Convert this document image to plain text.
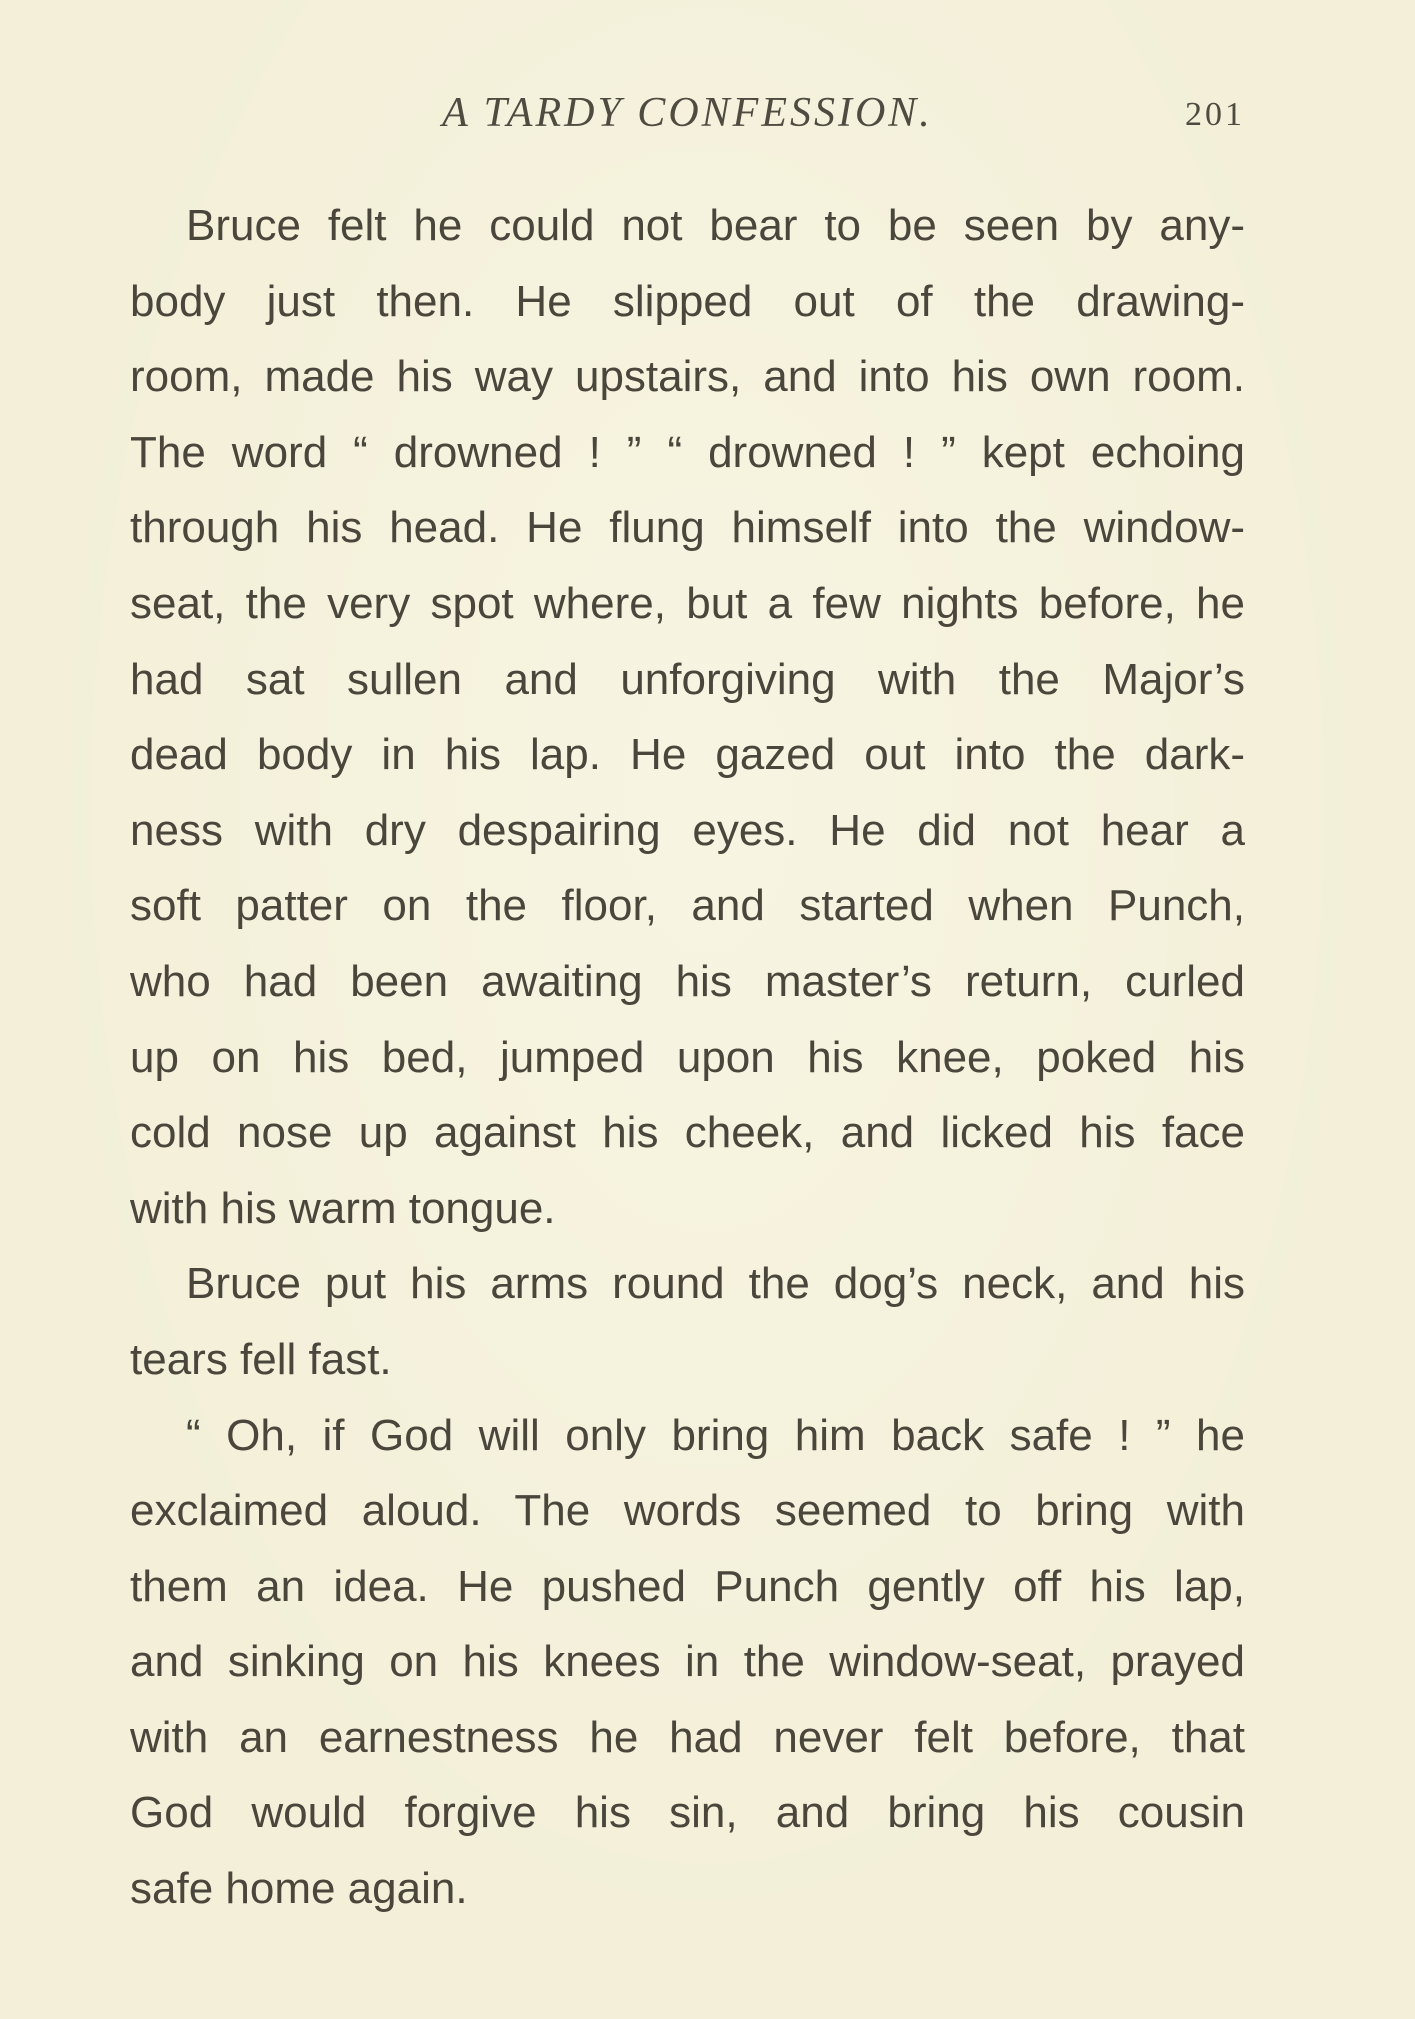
A TARDY CONFESSION.	201
Bruce felt he could not bear to be seen by any-
body just then. He slipped out of the drawing-
room, made his way upstairs, and into his own room.
The word “ drowned ! ” “ drowned ! ” kept echoing
through his head. He flung himself into the window-
seat, the very spot where, but a few nights before, he
had sat sullen and unforgiving with the Major’s
dead body in his lap. He gazed out into the dark-
ness with dry despairing eyes. He did not hear a
soft patter on the floor, and started when Punch,
who had been awaiting his master’s return, curled
up on his bed, jumped upon his knee, poked his
cold nose up against his cheek, and licked his face
with his warm tongue.
Bruce put his arms round the dog’s neck, and his
tears fell fast.
“ Oh, if God will only bring him back safe ! ” he
exclaimed aloud. The words seemed to bring with
them an idea. He pushed Punch gently off his lap,
and sinking on his knees in the window-seat, prayed
with an earnestness he had never felt before, that
God would forgive his sin, and bring his cousin
safe home again.
